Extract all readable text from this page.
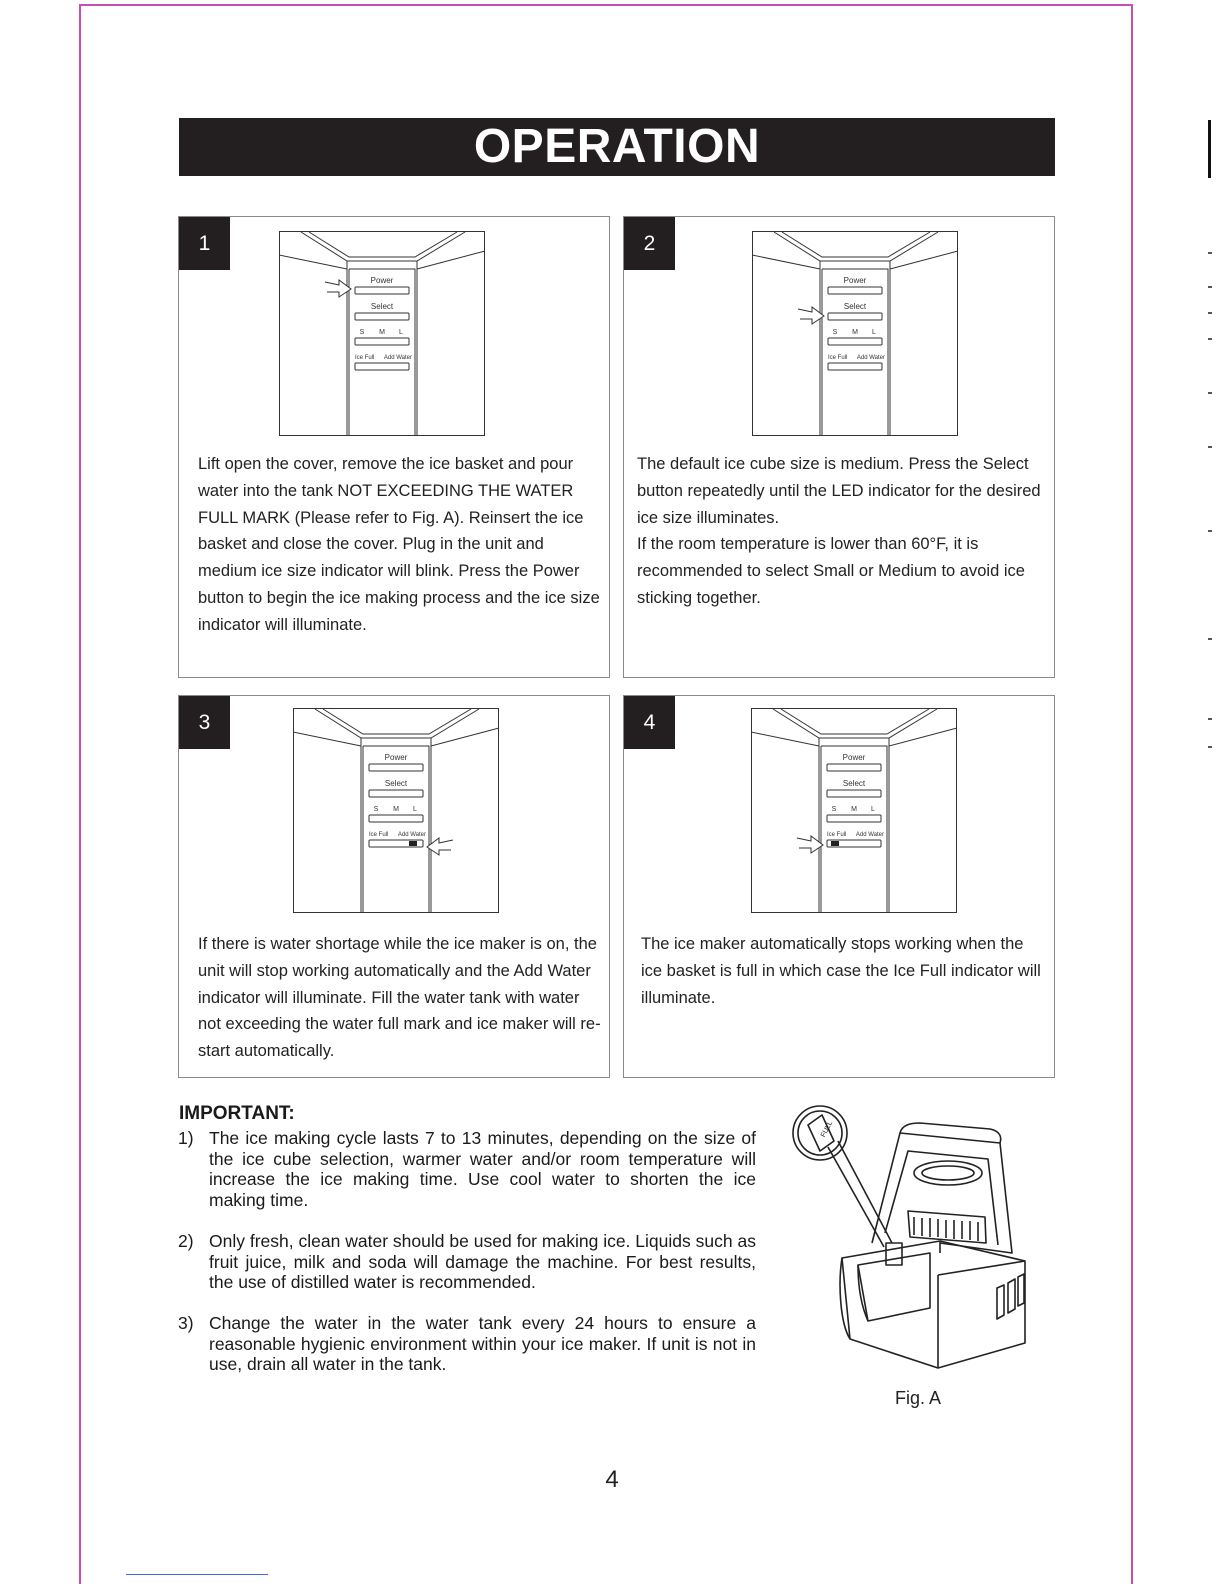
OPERATION
1
Power
Select
S M L
Ice Full Add Water
Lift open the cover, remove the ice basket and pour water into the tank NOT EXCEEDING THE WATER FULL MARK (Please refer to Fig. A). Reinsert the ice basket and close the cover. Plug in the unit and medium ice size indicator will blink. Press the Power button to begin the ice making process and the ice size indicator will illuminate.
2
Power
Select
S M L
Ice Full Add Water
The default ice cube size is medium. Press the Select button repeatedly until the LED indicator for the desired ice size illuminates.
If the room temperature is lower than 60°F, it is recommended to select Small or Medium to avoid ice sticking together.
3
Power
Select
S M L
Ice Full Add Water
If there is water shortage while the ice maker is on, the unit will stop working automatically and the Add Water indicator will illuminate. Fill the water tank with water not exceeding the water full mark and ice maker will re-start automatically.
4
Power
Select
S M L
Ice Full Add Water
The ice maker automatically stops working when the ice basket is full in which case the Ice Full indicator will illuminate.
IMPORTANT:
1) The ice making cycle lasts 7 to 13 minutes, depending on the size of the ice cube selection, warmer water and/or room temperature will increase the ice making time. Use cool water to shorten the ice making time.
2) Only fresh, clean water should be used for making ice. Liquids such as fruit juice, milk and soda will damage the machine. For best results, the use of distilled water is recommended.
3) Change the water in the water tank every 24 hours to ensure a reasonable hygienic environment within your ice maker. If unit is not in use, drain all water in the tank.
FULL
Fig. A
4
